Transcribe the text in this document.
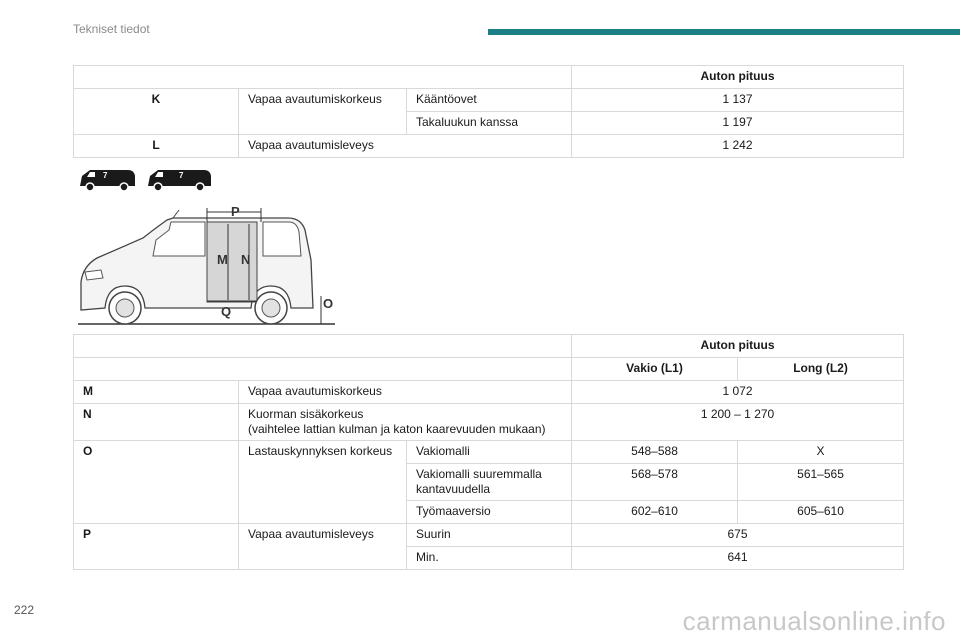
Tekniset tiedot
			Auton pituus
K	Vapaa avautumiskorkeus	Kääntöovet	1 137
		Takaluukun kanssa	1 197
L	Vapaa avautumisleveys		1 242
7	7
P
M N
Q
O
			Auton pituus	
			Vakio (L1)	Long (L2)
M	Vapaa avautumiskorkeus		1 072	
N	Kuorman sisäkorkeus
(vaihtelee lattian kulman ja katon kaarevuuden mukaan)		1 200 – 1 270	
O	Lastauskynnyksen korkeus	Vakiomalli	548–588	X

		Vakiomalli suuremmalla
kantavuudella	568–578	561–565
		Työmaaversio	602–610	605–610
P	Vapaa avautumisleveys	Suurin	675	
		Min.	641	
222	carmanualsonline.info
